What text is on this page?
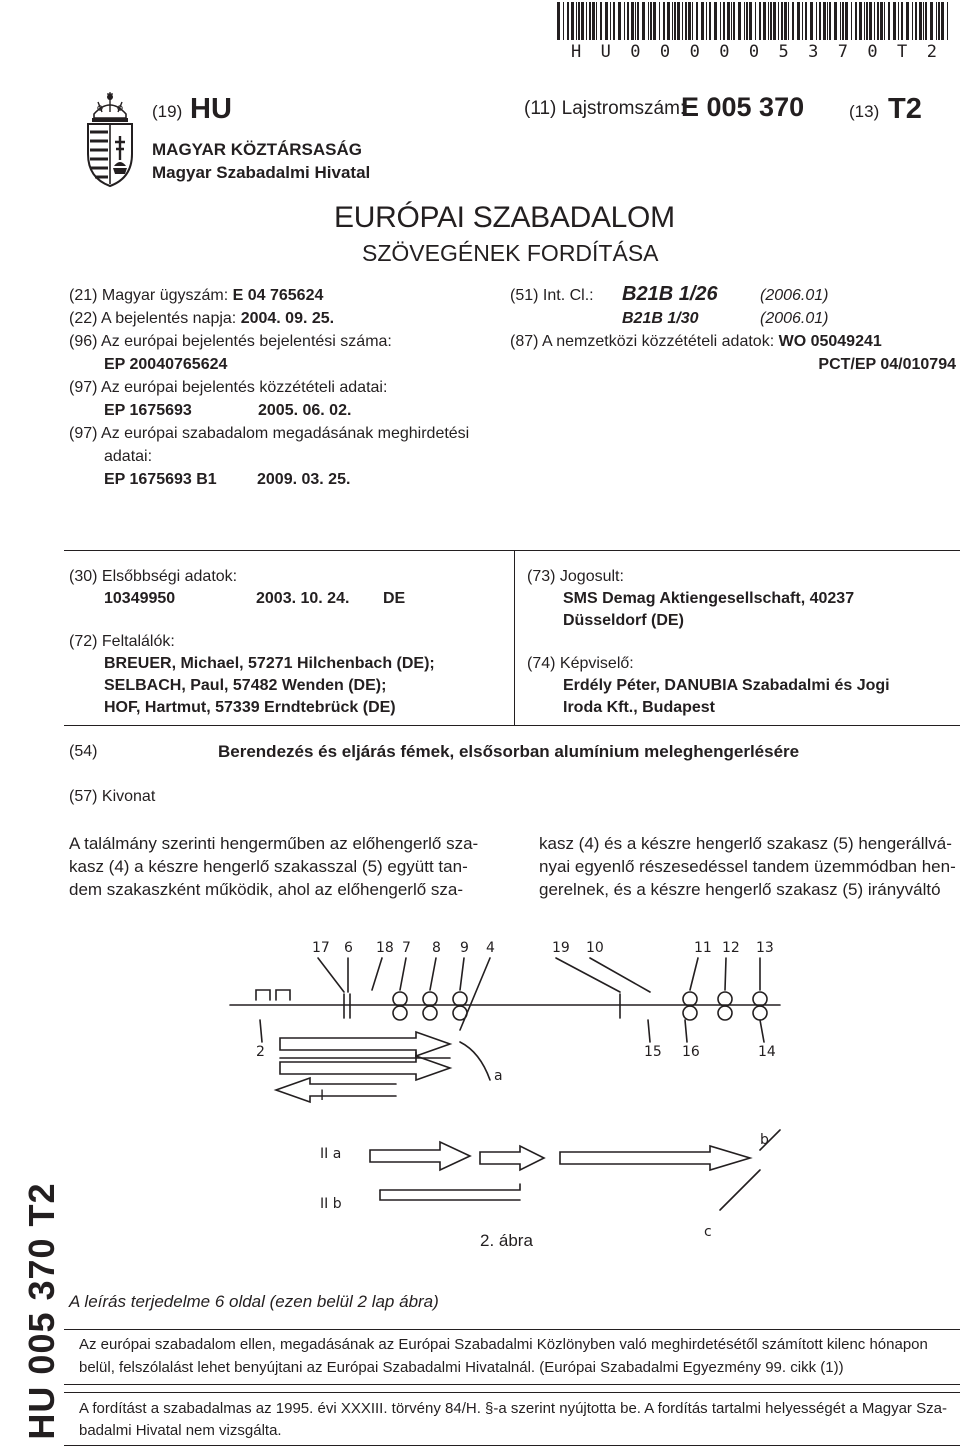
H U 0 0 0 0 0 5 3 7 0 T 2
(19) HU	(11) Lajstromszám:
E 005 370	(13) T2
MAGYAR KÖZTÁRSASÁG
Magyar Szabadalmi Hivatal
EURÓPAI SZABADALOM
SZÖVEGÉNEK FORDÍTÁSA
(21) Magyar ügyszám: E 04 765624
(22) A bejelentés napja: 2004. 09. 25.
(96) Az európai bejelentés bejelentési száma:
EP 20040765624
(97) Az európai bejelentés közzétételi adatai:
EP 1675693	2005. 06. 02.
(97) Az európai szabadalom megadásának meghirdetési
adatai:
EP 1675693 B1	2009. 03. 25.
(51) Int. Cl.: B21B 1/26	(2006.01)
B21B 1/30	(2006.01)
(87) A nemzetközi közzétételi adatok: WO 05049241
PCT/EP 04/010794
(30) Elsőbbségi adatok:
10349950	2003. 10. 24. DE
(72) Feltalálók:
BREUER, Michael, 57271 Hilchenbach (DE);
SELBACH, Paul, 57482 Wenden (DE);
HOF, Hartmut, 57339 Erndtebrück (DE)
(73) Jogosult:
SMS Demag Aktiengesellschaft, 40237
Düsseldorf (DE)
(74) Képviselő:
Erdély Péter, DANUBIA Szabadalmi és Jogi
Iroda Kft., Budapest
(54)	Berendezés és eljárás fémek, elsősorban alumínium meleghengerlésére
(57) Kivonat
A találmány szerinti hengerműben az előhengerlő sza-
kasz (4) a készre hengerlő szakasszal (5) együtt tan-
dem szakaszként működik, ahol az előhengerlő sza-
kasz (4) és a készre hengerlő szakasz (5) hengerállvá-
nyai egyenlő részesedéssel tandem üzemmódban hen-
gerelnek, és a készre hengerlő szakasz (5) irányváltó
17 6 18 7 8 9 4	19 10	11 12 13
2	15 16	14
a
b
c
I
II a
II b
2. ábra
A leírás terjedelme 6 oldal (ezen belül 2 lap ábra)
Az európai szabadalom ellen, megadásának az Európai Szabadalmi Közlönyben való meghirdetésétől számított kilenc hónapon
belül, felszólalást lehet benyújtani az Európai Szabadalmi Hivatalnál. (Európai Szabadalmi Egyezmény 99. cikk (1))
A fordítást a szabadalmas az 1995. évi XXXIII. törvény 84/H. §-a szerint nyújtotta be. A fordítás tartalmi helyességét a Magyar Sza-
badalmi Hivatal nem vizsgálta.
HU 005 370 T2
